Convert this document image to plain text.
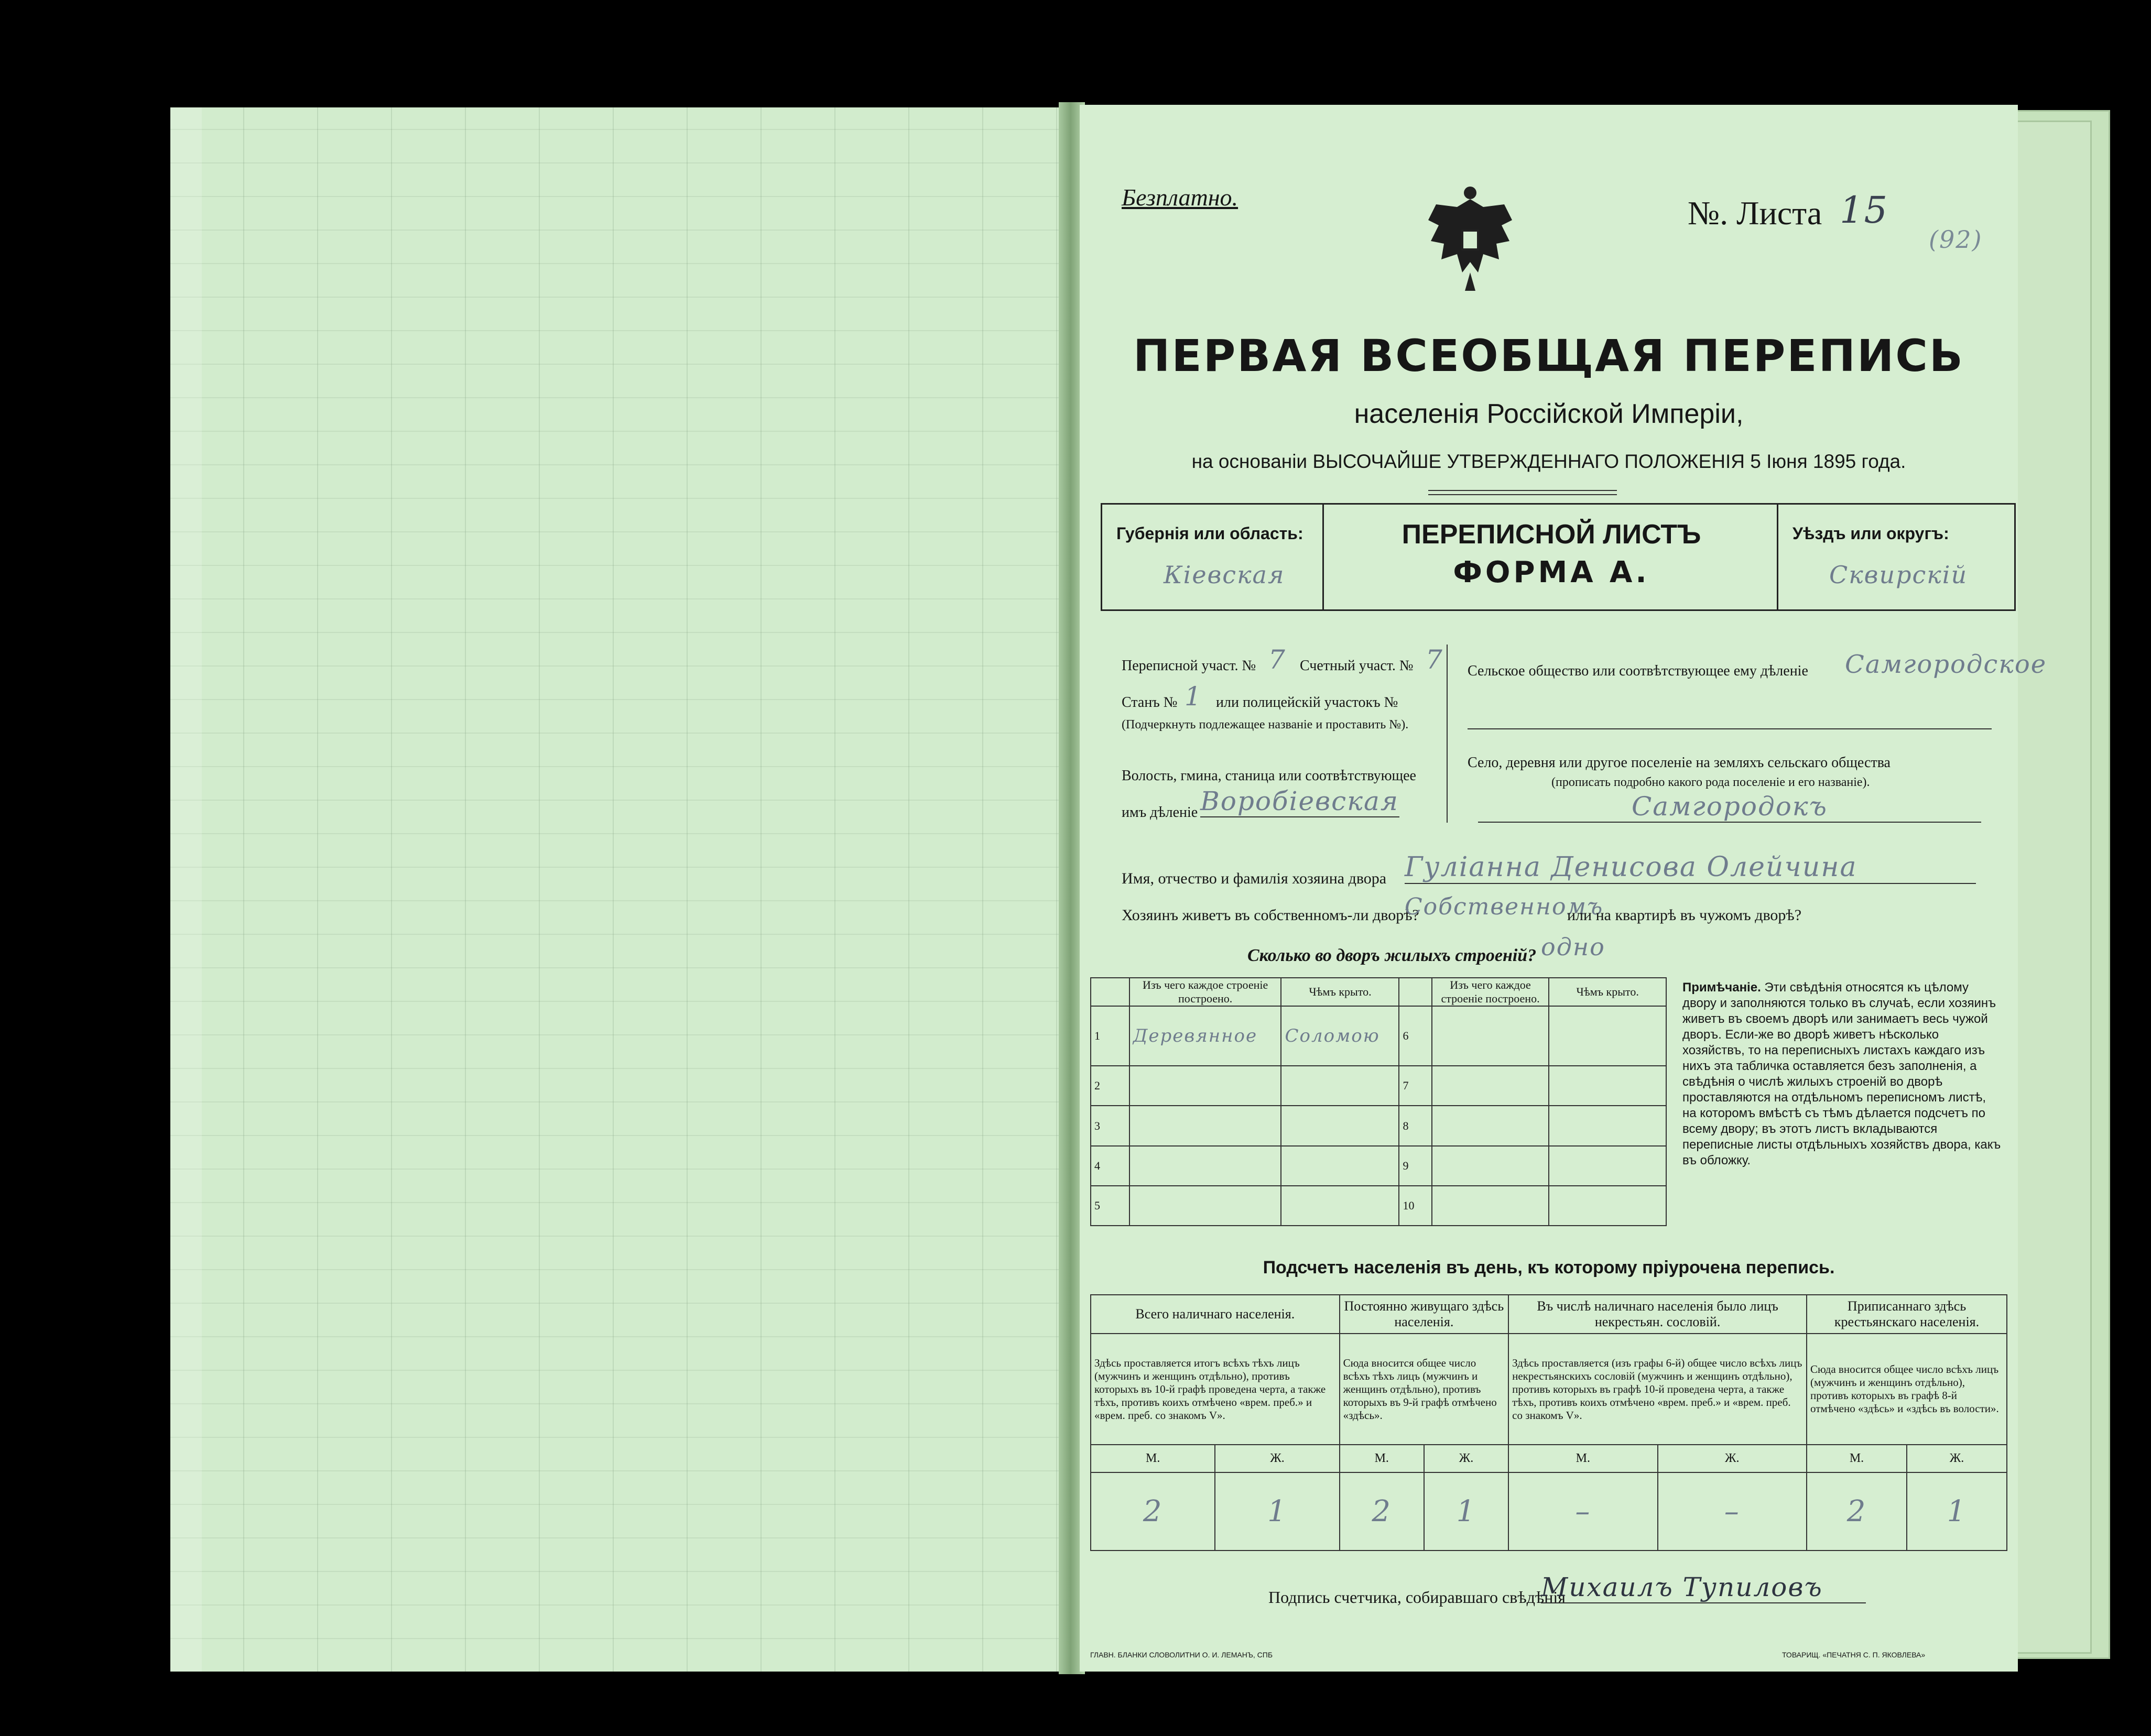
Безплатно.	№. Листа 15
(92)
ПЕРВАЯ ВСЕОБЩАЯ ПЕРЕПИСЬ
населенія Россійской Имперіи,
на основаніи ВЫСОЧАЙШЕ УТВЕРЖДЕННАГО ПОЛОЖЕНІЯ 5 Іюня 1895 года.
Губернія или область:
Кіевская
ПЕРЕПИСНОЙ ЛИСТЪ
ФОРМА А.
Уѣздъ или округъ:
Сквирскій
Переписной участ. № 7 Счетный участ. № 7
Станъ № 1 или полицейскій участокъ №
(Подчеркнуть подлежащее названіе и проставить №).
Волость, гмина, станица или соотвѣтствующее
имъ дѣленіе Воробіевская
Сельское общество или соотвѣтствующее ему дѣленіе Самгородское
Село, деревня или другое поселеніе на земляхъ сельскаго общества
(прописать подробно какого рода поселеніе и его названіе).
Самгородокъ
Имя, отчество и фамилія хозяина двора Гуліанна Денисова Олейчина
Хозяинъ живетъ въ собственномъ-ли дворѣ?
Собственномъ
или на квартирѣ въ чужомъ дворѣ?
Сколько во дворъ жилыхъ строеній? одно
	Изъ чего каждое строеніе построено.	Чѣмъ крыто.		Изъ чего каждое строеніе построено.	Чѣмъ крыто.
1	Деревянное	Соломою	6		
2			7		
3			8		
4			9		
5			10		
Примѣчаніе. Эти свѣдѣнія относятся къ цѣлому двору и заполняются только въ случаѣ, если хозяинъ живетъ въ своемъ дворѣ или занимаетъ весь чужой дворъ. Если-же во дворѣ живетъ нѣсколько хозяйствъ, то на переписныхъ листахъ каждаго изъ нихъ эта табличка оставляется безъ заполненія, а свѣдѣнія о числѣ жилыхъ строеній во дворѣ проставляются на отдѣльномъ переписномъ листѣ, на которомъ вмѣстѣ съ тѣмъ дѣлается подсчетъ по всему двору; въ этотъ листъ вкладываются переписные листы отдѣльныхъ хозяйствъ двора, какъ въ обложку.
Подсчетъ населенія въ день, къ которому пріурочена перепись.
Всего наличнаго населенія.		Постоянно живущаго здѣсь населенія.		Въ числѣ наличнаго населенія было лицъ некрестьян. сословій.		Приписаннаго здѣсь крестьянскаго населенія.	
Здѣсь проставляется итогъ всѣхъ тѣхъ лицъ (мужчинъ и женщинъ отдѣльно), противъ которыхъ въ 10-й графѣ проведена черта, а также тѣхъ, противъ коихъ отмѣчено «врем. преб.» и «врем. преб. со знакомъ V».		Сюда вносится общее число всѣхъ тѣхъ лицъ (мужчинъ и женщинъ отдѣльно), противъ которыхъ въ 9-й графѣ отмѣчено «здѣсь».		Здѣсь проставляется (изъ графы 6-й) общее число всѣхъ лицъ некрестьянскихъ сословій (мужчинъ и женщинъ отдѣльно), противъ которыхъ въ графѣ 10-й проведена черта, а также тѣхъ, противъ коихъ отмѣчено «врем. преб.» и «врем. преб. со знакомъ V».		Сюда вносится общее число всѣхъ лицъ (мужчинъ и женщинъ отдѣльно), противъ которыхъ въ графѣ 8-й отмѣчено «здѣсь» и «здѣсь въ волости».	
М.	Ж.	М.	Ж.	М.	Ж.	М.	Ж.
2	1	2	1	–	–	2	1
Подпись счетчика, собиравшаго свѣдѣнія
Михаилъ Тупиловъ
ГЛАВН. БЛАНКИ СЛОВОЛИТНИ О. И. ЛЕМАНЪ, СПБ	ТОВАРИЩ. «ПЕЧАТНЯ С. П. ЯКОВЛЕВА»
